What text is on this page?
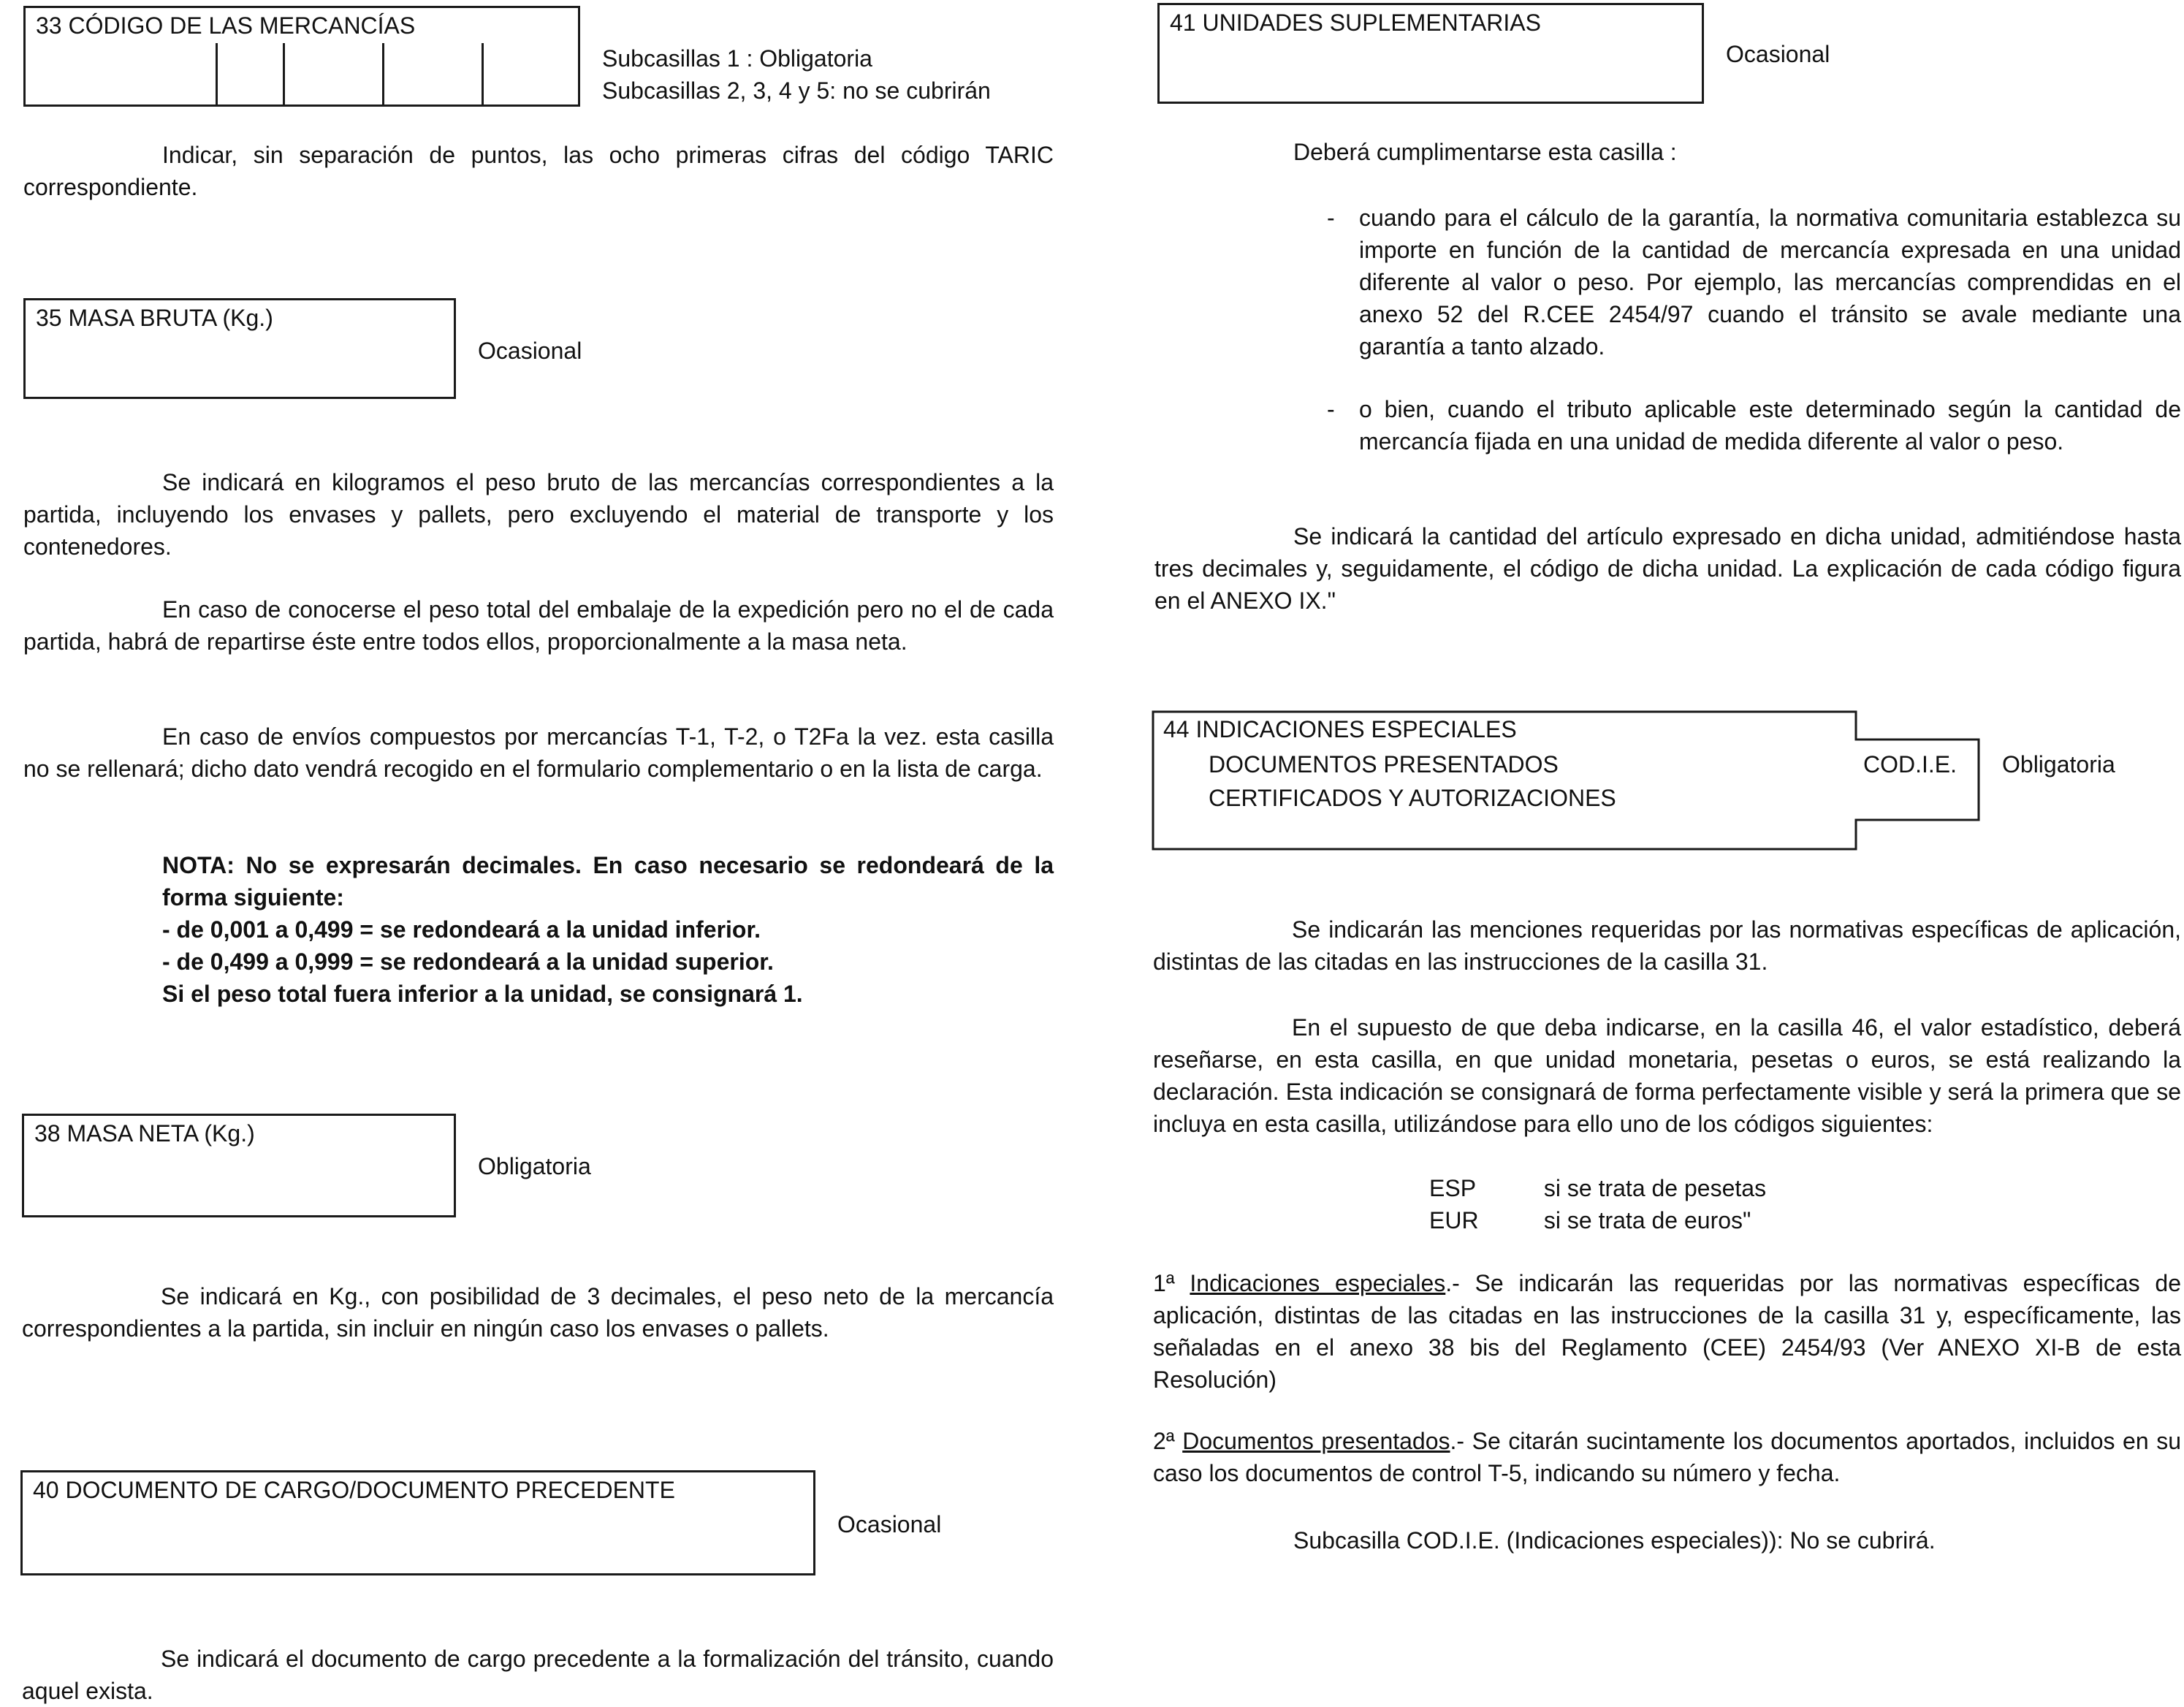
33 CÓDIGO DE LAS MERCANCÍAS
Subcasillas 1 : Obligatoria
Subcasillas 2, 3, 4 y 5: no se cubrirán

Indicar, sin separación de puntos, las ocho primeras cifras del código TARIC correspondiente.

35 MASA BRUTA (Kg.)
Ocasional

Se indicará en kilogramos el peso bruto de las mercancías correspondientes a la partida, incluyendo los envases y pallets, pero excluyendo el material de transporte y los contenedores.

En caso de conocerse el peso total del embalaje de la expedición pero no el de cada partida, habrá de repartirse éste entre todos ellos, proporcionalmente a la masa neta.

En caso de envíos compuestos por mercancías T-1, T-2, o T2Fa la vez. esta casilla no se rellenará; dicho dato vendrá recogido en el formulario complementario o en la lista de carga.

NOTA: No se expresarán decimales. En caso necesario se redondeará de la forma siguiente:

- de 0,001 a 0,499 = se redondeará a la unidad inferior.

- de 0,499 a 0,999 = se redondeará a la unidad superior.

Si el peso total fuera inferior a la unidad, se consignará 1.

38 MASA NETA (Kg.)
Obligatoria

Se indicará en Kg., con posibilidad de 3 decimales, el peso neto de la mercancía correspondientes a la partida, sin incluir en ningún caso los envases o pallets.

40 DOCUMENTO DE CARGO/DOCUMENTO PRECEDENTE
Ocasional

Se indicará el documento de cargo precedente a la formalización del tránsito, cuando aquel exista.

41 UNIDADES SUPLEMENTARIAS
Ocasional
Deberá cumplimentarse esta casilla :
- cuando para el cálculo de la garantía, la normativa comunitaria establezca su importe en función de la cantidad de mercancía expresada en una unidad diferente al valor o peso. Por ejemplo, las mercancías comprendidas en el anexo 52 del R.CEE 2454/97 cuando el tránsito se avale mediante una garantía a tanto alzado.
- o bien, cuando el tributo aplicable este determinado según la cantidad de mercancía fijada en una unidad de medida diferente al valor o peso.

Se indicará la cantidad del artículo expresado en dicha unidad, admitiéndose hasta tres decimales y, seguidamente, el código de dicha unidad. La explicación de cada código figura en el ANEXO IX."

44 INDICACIONES ESPECIALES
DOCUMENTOS PRESENTADOS
CERTIFICADOS Y AUTORIZACIONES
COD.I.E. Obligatoria

Se indicarán las menciones requeridas por las normativas específicas de aplicación, distintas de las citadas en las instrucciones de la casilla 31.

En el supuesto de que deba indicarse, en la casilla 46, el valor estadístico, deberá reseñarse, en esta casilla, en que unidad monetaria, pesetas o euros, se está realizando la declaración. Esta indicación se consignará de forma perfectamente visible y será la primera que se incluya en esta casilla, utilizándose para ello uno de los códigos siguientes:

ESP	si se trata de pesetas
EUR	si se trata de euros"

1ª Indicaciones especiales.- Se indicarán las requeridas por las normativas específicas de aplicación, distintas de las citadas en las instrucciones de la casilla 31 y, específicamente, las señaladas en el anexo 38 bis del Reglamento (CEE) 2454/93 (Ver ANEXO XI-B de esta Resolución)

2ª Documentos presentados.- Se citarán sucintamente los documentos aportados, incluidos en su caso los documentos de control T-5, indicando su número y fecha.

Subcasilla COD.I.E. (Indicaciones especiales)): No se cubrirá.
